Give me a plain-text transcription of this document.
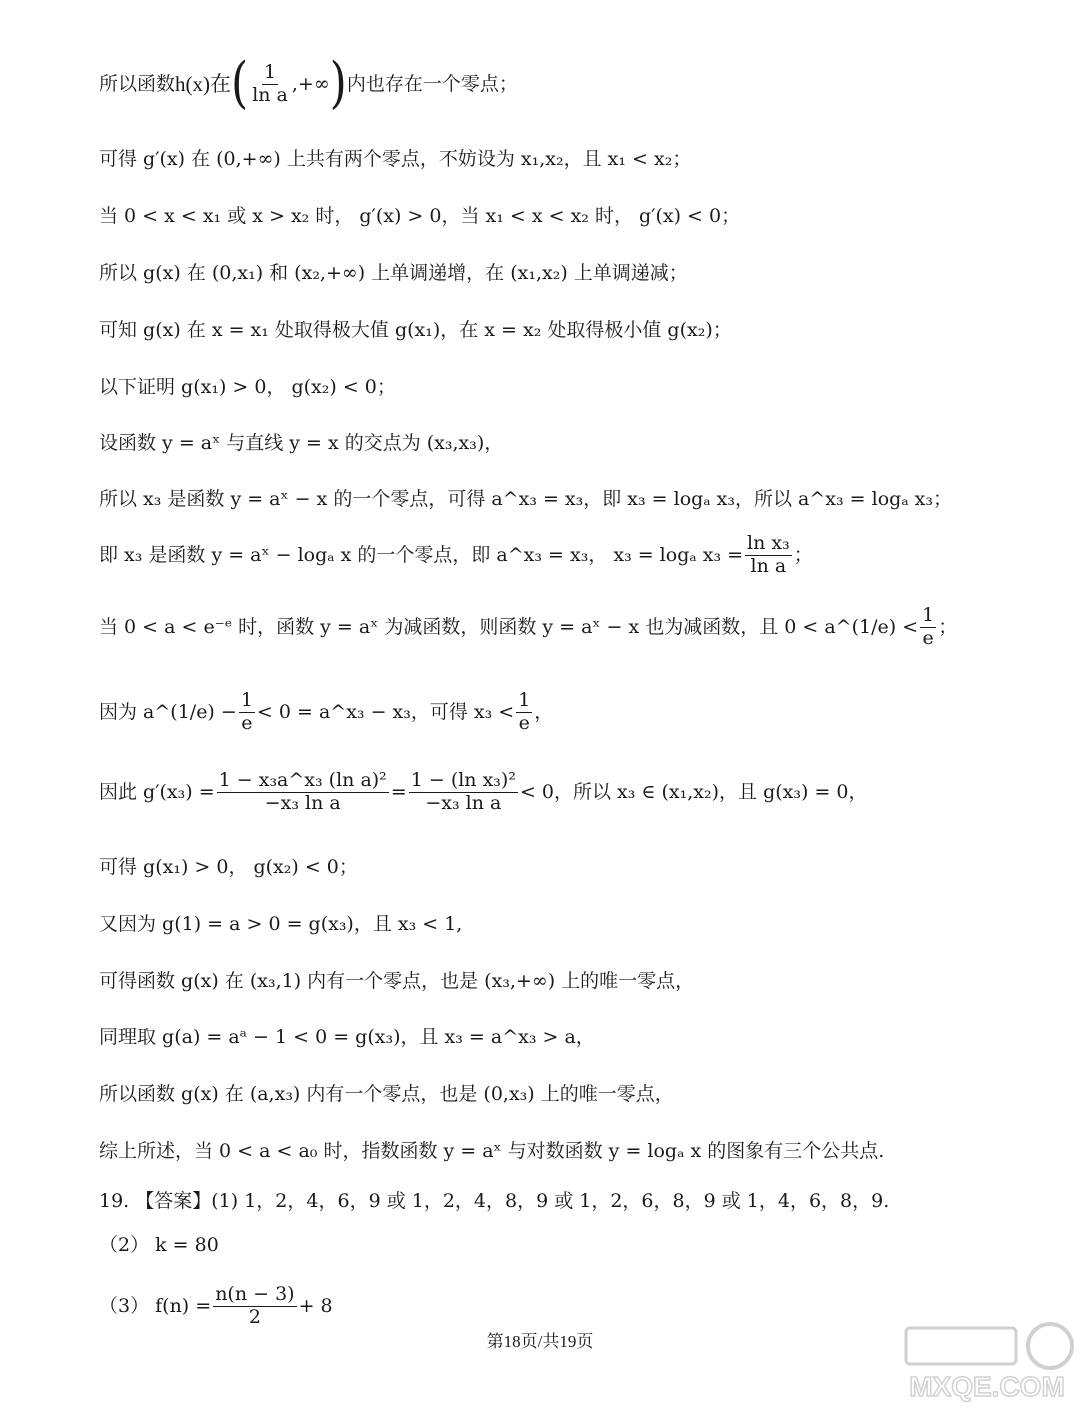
所以函数 h(x)在 ( $\frac{1}{\text{ln a}}$ ,+∞ ) 内也存在一个零点；
可得 g′(x) 在 (0,+∞) 上共有两个零点，不妨设为 x₁,x₂，且 x₁ < x₂；
当 0 < x < x₁ 或 x > x₂ 时， g′(x) > 0，当 x₁ < x < x₂ 时， g′(x) < 0；
所以 g(x) 在 (0,x₁) 和 (x₂,+∞) 上单调递增，在 (x₁,x₂) 上单调递减；
可知 g(x) 在 x = x₁ 处取得极大值 g(x₁)，在 x = x₂ 处取得极小值 g(x₂)；
以下证明 g(x₁) > 0， g(x₂) < 0；
设函数 y = aˣ 与直线 y = x 的交点为 (x₃,x₃)，
所以 x₃ 是函数 y = aˣ − x 的一个零点，可得 a^x₃ = x₃，即 x₃ = logₐ x₃，所以 a^x₃ = logₐ x₃；
即 x₃ 是函数 y = aˣ − logₐ x 的一个零点，即 a^x₃ = x₃， x₃ = logₐ $x_3 = \frac{\text{ln x₃}}{\text{ln a}}$ ；
当 0 < a < e⁻ᵉ 时，函数 y = aˣ 为减函数，则函数 y = aˣ − x 也为减函数，且 0 < a^(1/e) < $\frac{1}{e}$ ；
因为 a^(1/e) − $\frac{1}{e} < 0$ = a^x₃ − x₃，可得 $x_3 < \frac{1}{e}$ ，
因此 $g'(x_3) = \frac{\text{1 − x₃a\textasciicircum{}x₃ (ln a)²}}{\text{−x₃ ln a}} = \frac{\text{1 − (ln x₃)²}}{\text{−x₃ ln a}} < 0$，所以 x₃ ∈ (x₁,x₂)，且 g(x₃) = 0，
可得 g(x₁) > 0， g(x₂) < 0；
又因为 g(1) = a > 0 = g(x₃)，且 x₃ < 1,
可得函数 g(x) 在 (x₃,1) 内有一个零点，也是 (x₃,+∞) 上的唯一零点，
同理取 g(a) = aᵃ − 1 < 0 = g(x₃)，且 x₃ = a^x₃ > a，
所以函数 g(x) 在 (a,x₃) 内有一个零点，也是 (0,x₃) 上的唯一零点，
综上所述，当 0 < a < a₀ 时，指数函数 y = aˣ 与对数函数 y = logₐ x 的图象有三个公共点.
19. 【答案】(1) 1，2，4，6，9 或 1，2，4，8，9 或 1，2，6，8，9 或 1，4，6，8，9.
（2） k = 80
（3） $f(n) = \frac{n(n - 3)}{2} + 8$
第18页/共19页
MXQE.COM
